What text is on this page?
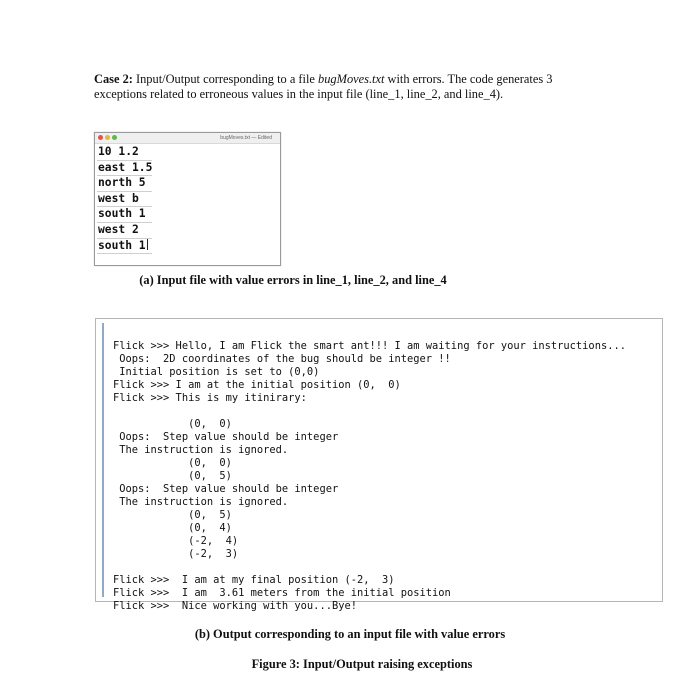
Case 2: Input/Output corresponding to a file bugMoves.txt with errors. The code generates 3

exceptions related to erroneous values in the input file (line_1, line_2, and line_4).

bugMoves.txt — Edited
10 1.2
east 1.5
north 5
west b
south 1
west 2
south 1
(a) Input file with value errors in line_1, line_2, and line_4

Flick >>> Hello, I am Flick the smart ant!!! I am waiting for your instructions...
Oops:  2D coordinates of the bug should be integer !!
Initial position is set to (0,0)
Flick >>> I am at the initial position (0,  0)
Flick >>> This is my itinirary:

(0,  0)
Oops:  Step value should be integer
The instruction is ignored.
(0,  0)
(0,  5)
Oops:  Step value should be integer
The instruction is ignored.
(0,  5)
(0,  4)
(-2,  4)
(-2,  3)

Flick >>>  I am at my final position (-2,  3)
Flick >>>  I am  3.61 meters from the initial position
Flick >>>  Nice working with you...Bye!

(b) Output corresponding to an input file with value errors
Figure 3: Input/Output raising exceptions
